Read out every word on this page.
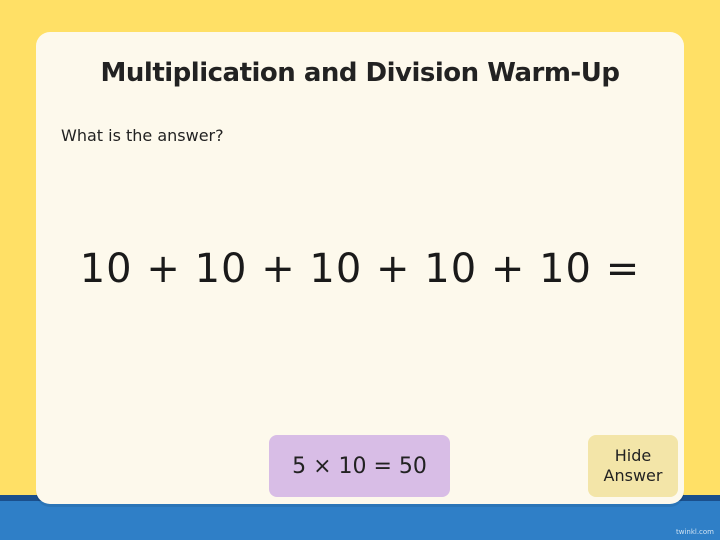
Multiplication and Division Warm-Up
What is the answer?
10 + 10 + 10 + 10 + 10 =
5 × 10 = 50	Hide
Answer
twinkl.com
